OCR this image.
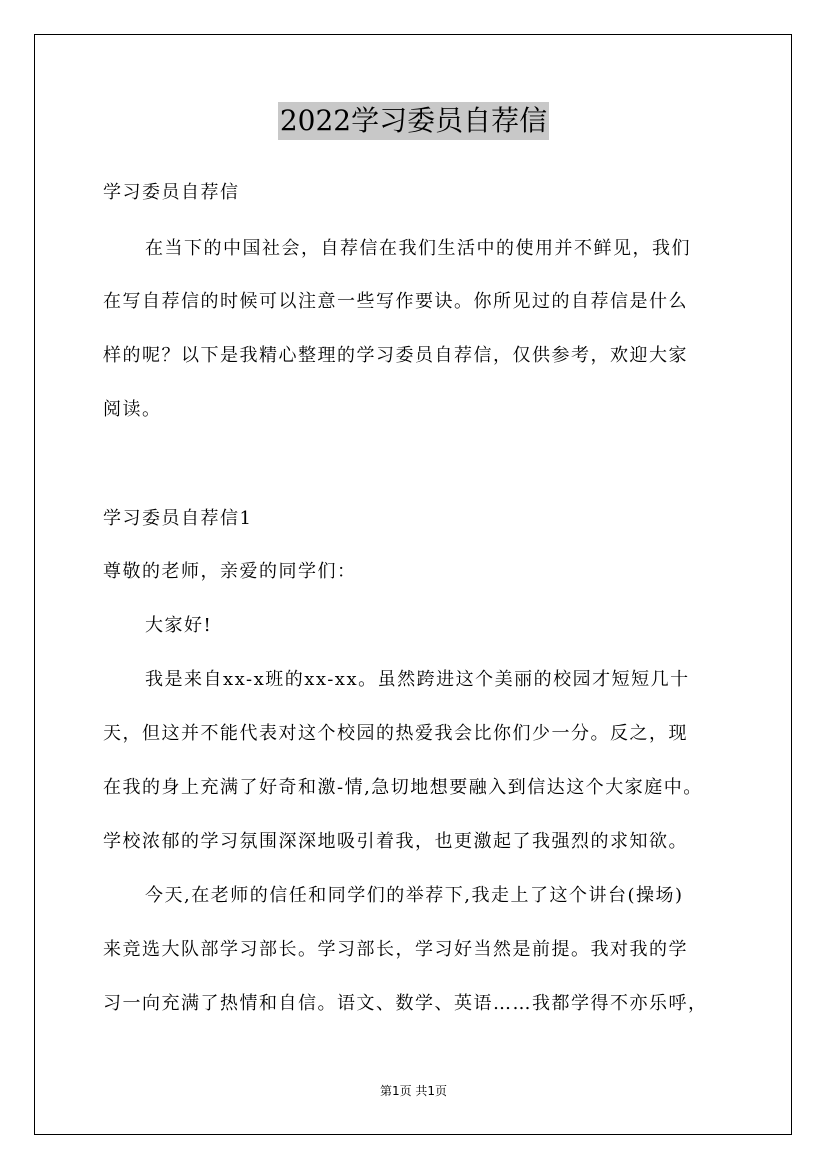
2022学习委员自荐信
学习委员自荐信
在当下的中国社会，自荐信在我们生活中的使用并不鲜见，我们
在写自荐信的时候可以注意一些写作要诀。你所见过的自荐信是什么
样的呢？以下是我精心整理的学习委员自荐信，仅供参考，欢迎大家
阅读。
学习委员自荐信1
尊敬的老师，亲爱的同学们：
大家好!
我是来自xx-x班的xx-xx。虽然跨进这个美丽的校园才短短几十
天，但这并不能代表对这个校园的热爱我会比你们少一分。反之，现
在我的身上充满了好奇和激-情,急切地想要融入到信达这个大家庭中。
学校浓郁的学习氛围深深地吸引着我，也更激起了我强烈的求知欲。
今天,在老师的信任和同学们的举荐下,我走上了这个讲台(操场)
来竞选大队部学习部长。学习部长，学习好当然是前提。我对我的学
习一向充满了热情和自信。语文、数学、英语……我都学得不亦乐呼，
第1页 共1页
